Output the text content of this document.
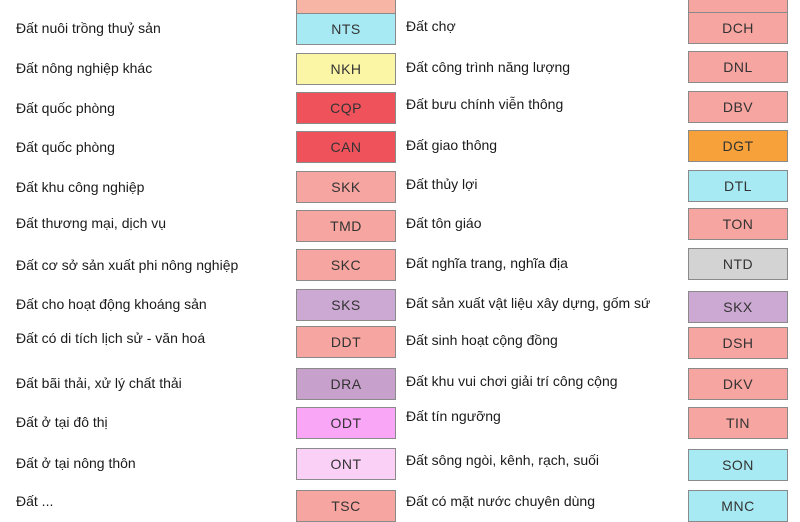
Đất nuôi trồng thuỷ sản	NTS
Đất nông nghiệp khác	NKH
Đất quốc phòng	CQP
Đất quốc phòng	CAN
Đất khu công nghiệp	SKK
Đất thương mại, dịch vụ	TMD
Đất cơ sở sản xuất phi nông nghiệp	SKC
Đất cho hoạt động khoáng sản	SKS
Đất có di tích lịch sử - văn hoá	DDT
Đất bãi thải, xử lý chất thải	DRA
Đất ở tại đô thị	ODT
Đất ở tại nông thôn	ONT
Đất ...	TSC
Đất chợ	DCH
Đất công trình năng lượng	DNL
Đất bưu chính viễn thông	DBV
Đất giao thông	DGT
Đất thủy lợi	DTL
Đất tôn giáo	TON
Đất nghĩa trang, nghĩa địa	NTD
Đất sản xuất vật liệu xây dựng, gốm sứ	SKX
Đất sinh hoạt cộng đồng	DSH
Đất khu vui chơi giải trí công cộng	DKV
Đất tín ngưỡng	TIN
Đất sông ngòi, kênh, rạch, suối	SON
Đất có mặt nước chuyên dùng	MNC
